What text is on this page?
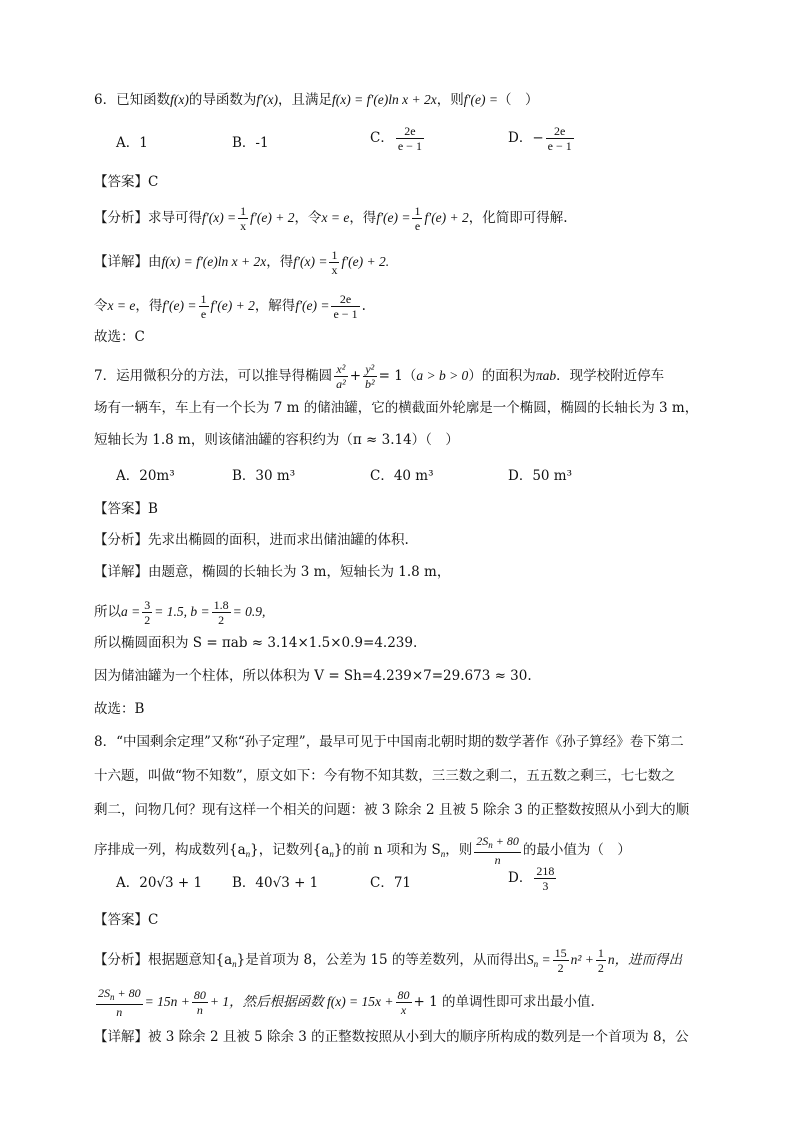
6．已知函数f(x)的导函数为f′(x)，且满足f(x) = f′(e)ln x + 2x，则f′(e) =（　）
A．1	B．-1	C． $\frac{2e}{e - 1}$	D．− $\frac{2e}{e - 1}$
【答案】C
【分析】求导可得$f'(x) = \frac{1}{x} f'(e) + 2$，令x = e，得$f'(e) = \frac{1}{e} f'(e) + 2$，化简即可得解.
【详解】由f(x) = f′(e)ln x + 2x，得$f'(x) = \frac{1}{x} f'(e) + 2$.
令x = e，得$f'(e) = \frac{1}{e} f'(e) + 2$，解得$f'(e) = \frac{2e}{e - 1}$ .
故选：C
7．运用微积分的方法，可以推导得椭圆 $\frac{\text{x²}}{\text{a²}} + \frac{\text{y²}}{\text{b²}} = 1(a > b > 0)$的面积为πab．现学校附近停车
场有一辆车，车上有一个长为 7 m 的储油罐，它的横截面外轮廓是一个椭圆，椭圆的长轴长为 3 m，
短轴长为 1.8 m，则该储油罐的容积约为（π ≈ 3.14）（　）
A．20m³	B．30 m³	C．40 m³	D．50 m³
【答案】B
【分析】先求出椭圆的面积，进而求出储油罐的体积.
【详解】由题意，椭圆的长轴长为 3 m，短轴长为 1.8 m，
所以$a = \frac{3}{2} = 1.5$, $b = \frac{1.8}{2} = 0.9$,
所以椭圆面积为 S = πab ≈ 3.14×1.5×0.9=4.239.
因为储油罐为一个柱体，所以体积为 V = Sh=4.239×7=29.673 ≈ 30.
故选：B
8．“中国剩余定理”又称“孙子定理”，最早可见于中国南北朝时期的数学著作《孙子算经》卷下第二
十六题，叫做“物不知数”，原文如下：今有物不知其数，三三数之剩二，五五数之剩三，七七数之
剩二，问物几何？现有这样一个相关的问题：被 3 除余 2 且被 5 除余 3 的正整数按照从小到大的顺
序排成一列，构成数列$\{a_n\}$，记数列$\{a_n\}$的前 n 项和为 $S_n$，则 $\frac{2S_n + 80}{n}$ 的最小值为（　）
A．20√3 + 1 B．40√3 + 1	C．71	D． $\frac{218}{3}$
【答案】C
【分析】根据题意知$\{a_n\}$是首项为 8，公差为 15 的等差数列，从而得出$S_n = \frac{15}{2} n^2 + \frac{1}{2}$ n，进而得出
$\frac{2S_n + 80}{n} = 15n + \frac{80}{n} + 1$，然后根据函数 $f(x) = 15x + \frac{80}{x} + 1$ 的单调性即可求出最小值.
【详解】被 3 除余 2 且被 5 除余 3 的正整数按照从小到大的顺序所构成的数列是一个首项为 8，公
